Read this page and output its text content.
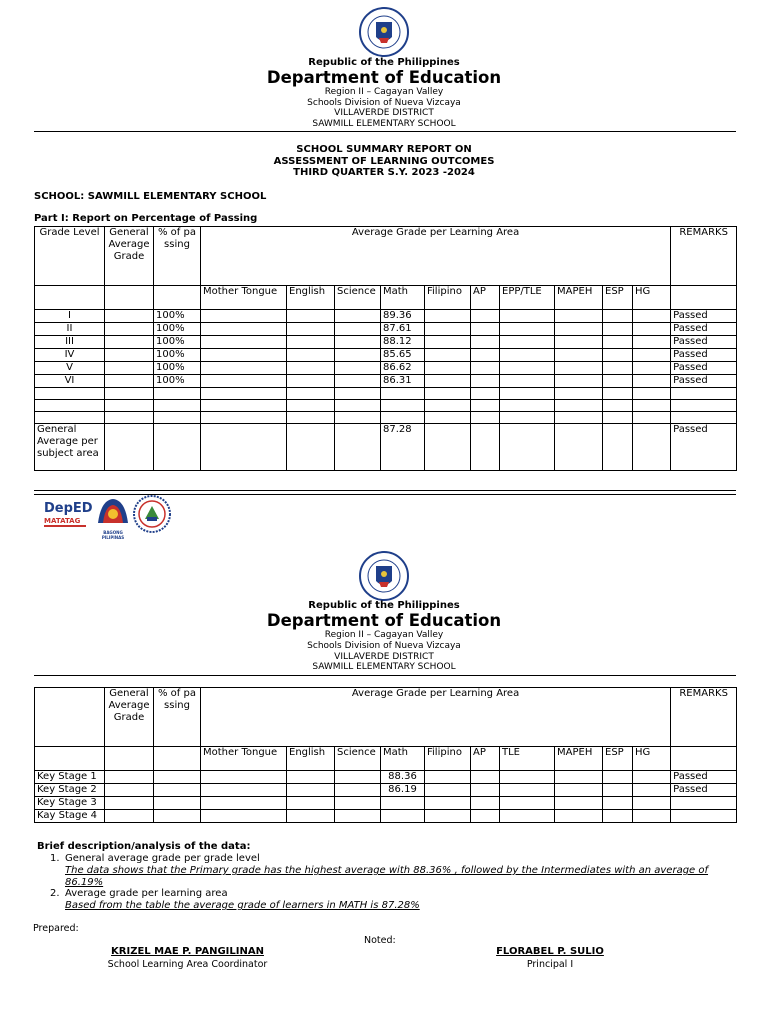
Republic of the Philippines
Department of Education
Region II – Cagayan Valley
Schools Division of Nueva Vizcaya
VILLAVERDE DISTRICT
SAWMILL ELEMENTARY SCHOOL
SCHOOL SUMMARY REPORT ON
ASSESSMENT OF LEARNING OUTCOMES
THIRD QUARTER S.Y. 2023 -2024
SCHOOL: SAWMILL ELEMENTARY SCHOOL
Part I: Report on Percentage of Passing
Grade Level	General Average Grade	% of passing	Average Grade per Learning Area										REMARKS
			Mother Tongue	English	Science	Math	Filipino	AP	EPP/TLE	MAPEH	ESP	HG	
I		100%				89.36							Passed
II		100%				87.61							Passed
III		100%				88.12							Passed
IV		100%				85.65							Passed
V		100%				86.62							Passed
VI		100%				86.31							Passed

General Average per subject area						87.28							Passed
DepED
MATATAG
BAGONG PILIPINAS
Republic of the Philippines
Department of Education
Region II – Cagayan Valley
Schools Division of Nueva Vizcaya
VILLAVERDE DISTRICT
SAWMILL ELEMENTARY SCHOOL
	General Average Grade	% of passing	Average Grade per Learning Area										REMARKS
			Mother Tongue	English	Science	Math	Filipino	AP	TLE	MAPEH	ESP	HG	
Key Stage 1						88.36							Passed
Key Stage 2						86.19							Passed
Key Stage 3													
Kay Stage 4													
Brief description/analysis of the data:
1. General average grade per grade level
The data shows that the Primary grade has the highest average with 88.36% , followed by the Intermediates with an average of
86.19%
2. Average grade per learning area
Based from the table the average grade of learners in MATH is 87.28%
Prepared:
Noted:
KRIZEL MAE P. PANGILINAN
School Learning Area Coordinator
FLORABEL P. SULIO
Principal I
